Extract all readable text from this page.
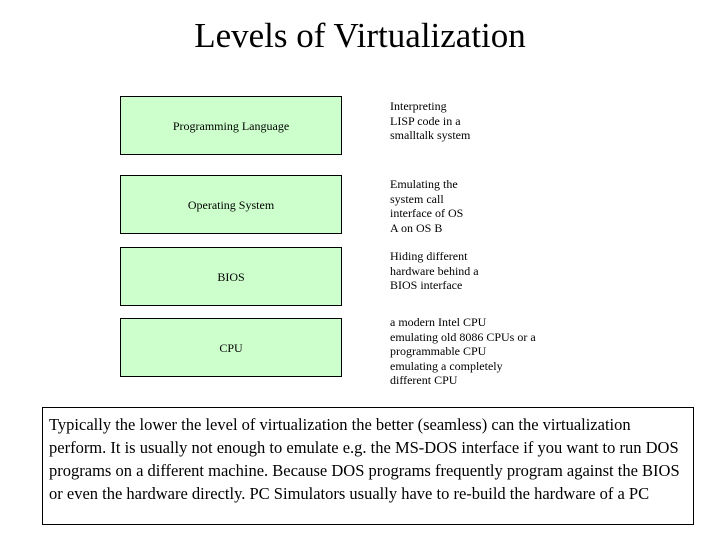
Levels of Virtualization
Programming Language
Interpreting
LISP code in a
smalltalk system
Operating System
Emulating the
system call
interface of OS
A on OS B
BIOS
Hiding different
hardware behind a
BIOS interface
CPU
a modern Intel CPU
emulating old 8086 CPUs or a
programmable CPU
emulating a completely
different CPU
Typically the lower the level of virtualization the better (seamless) can the virtualization perform. It is usually not enough to emulate e.g. the MS-DOS interface if you want to run DOS programs on a different machine. Because DOS programs frequently program against the BIOS or even the hardware directly. PC Simulators usually have to re-build the hardware of a PC
